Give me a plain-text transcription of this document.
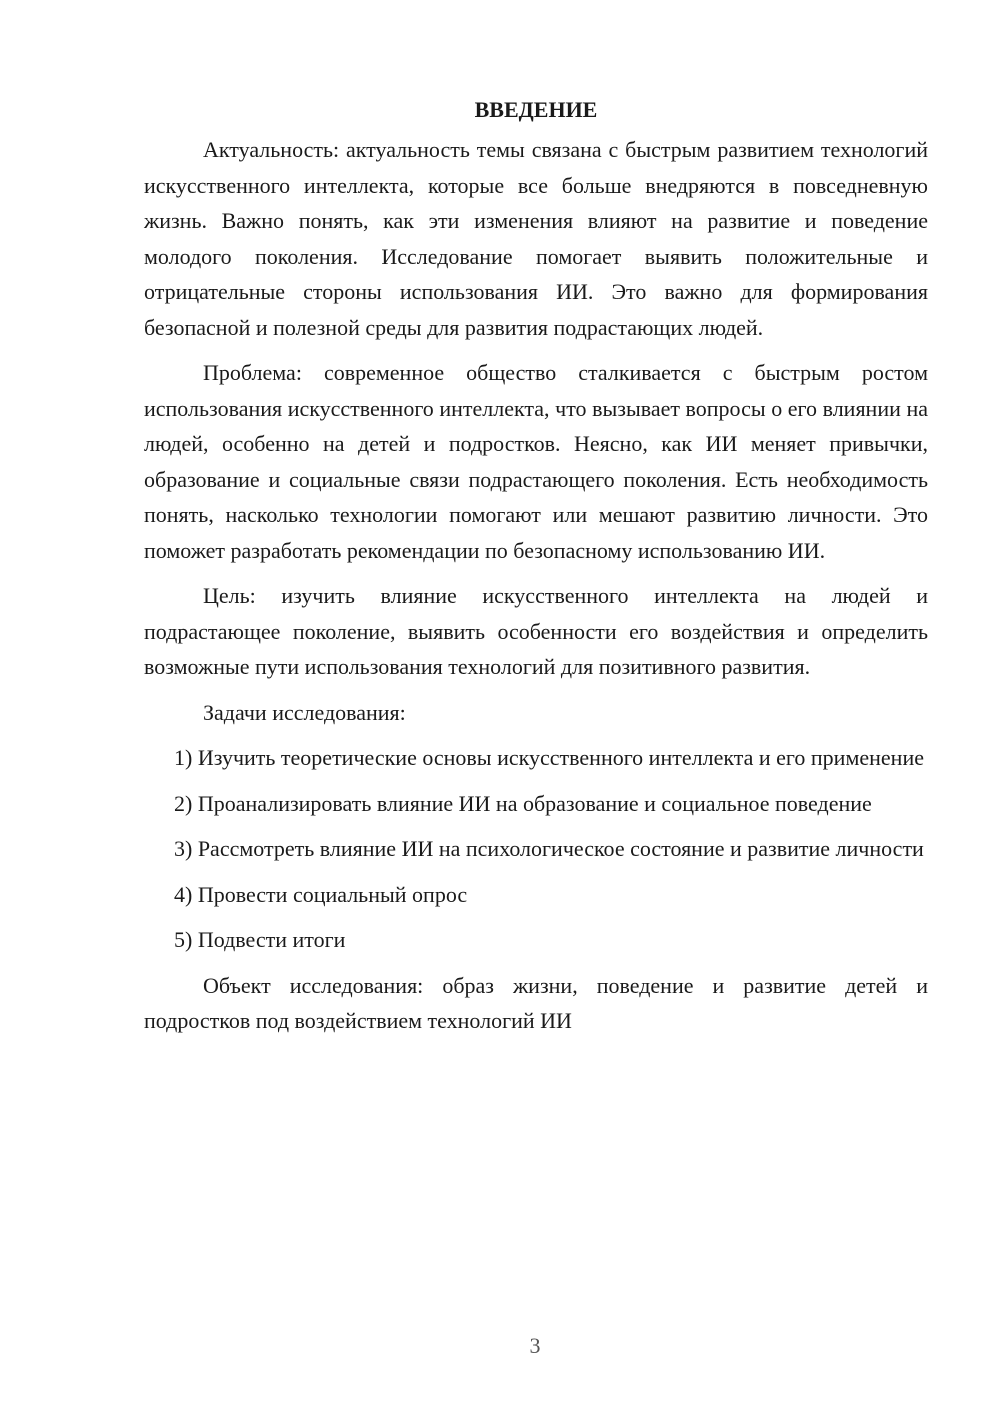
ВВЕДЕНИЕ

Актуальность: актуальность темы связана с быстрым развитием технологий искусственного интеллекта, которые все больше внедряются в повседневную жизнь. Важно понять, как эти изменения влияют на развитие и поведение молодого поколения. Исследование помогает выявить положительные и отрицательные стороны использования ИИ. Это важно для формирования безопасной и полезной среды для развития подрастающих людей.

Проблема: современное общество сталкивается с быстрым ростом использования искусственного интеллекта, что вызывает вопросы о его влиянии на людей, особенно на детей и подростков. Неясно, как ИИ меняет привычки, образование и социальные связи подрастающего поколения. Есть необходимость понять, насколько технологии помогают или мешают развитию личности. Это поможет разработать рекомендации по безопасному использованию ИИ.

Цель: изучить влияние искусственного интеллекта на людей и подрастающее поколение, выявить особенности его воздействия и определить возможные пути использования технологий для позитивного развития.

Задачи исследования:

1) Изучить теоретические основы искусственного интеллекта и его применение

2) Проанализировать влияние ИИ на образование и социальное поведение

3) Рассмотреть влияние ИИ на психологическое состояние и развитие личности

4) Провести социальный опрос

5) Подвести итоги

Объект исследования: образ жизни, поведение и развитие детей и подростков под воздействием технологий ИИ

3
